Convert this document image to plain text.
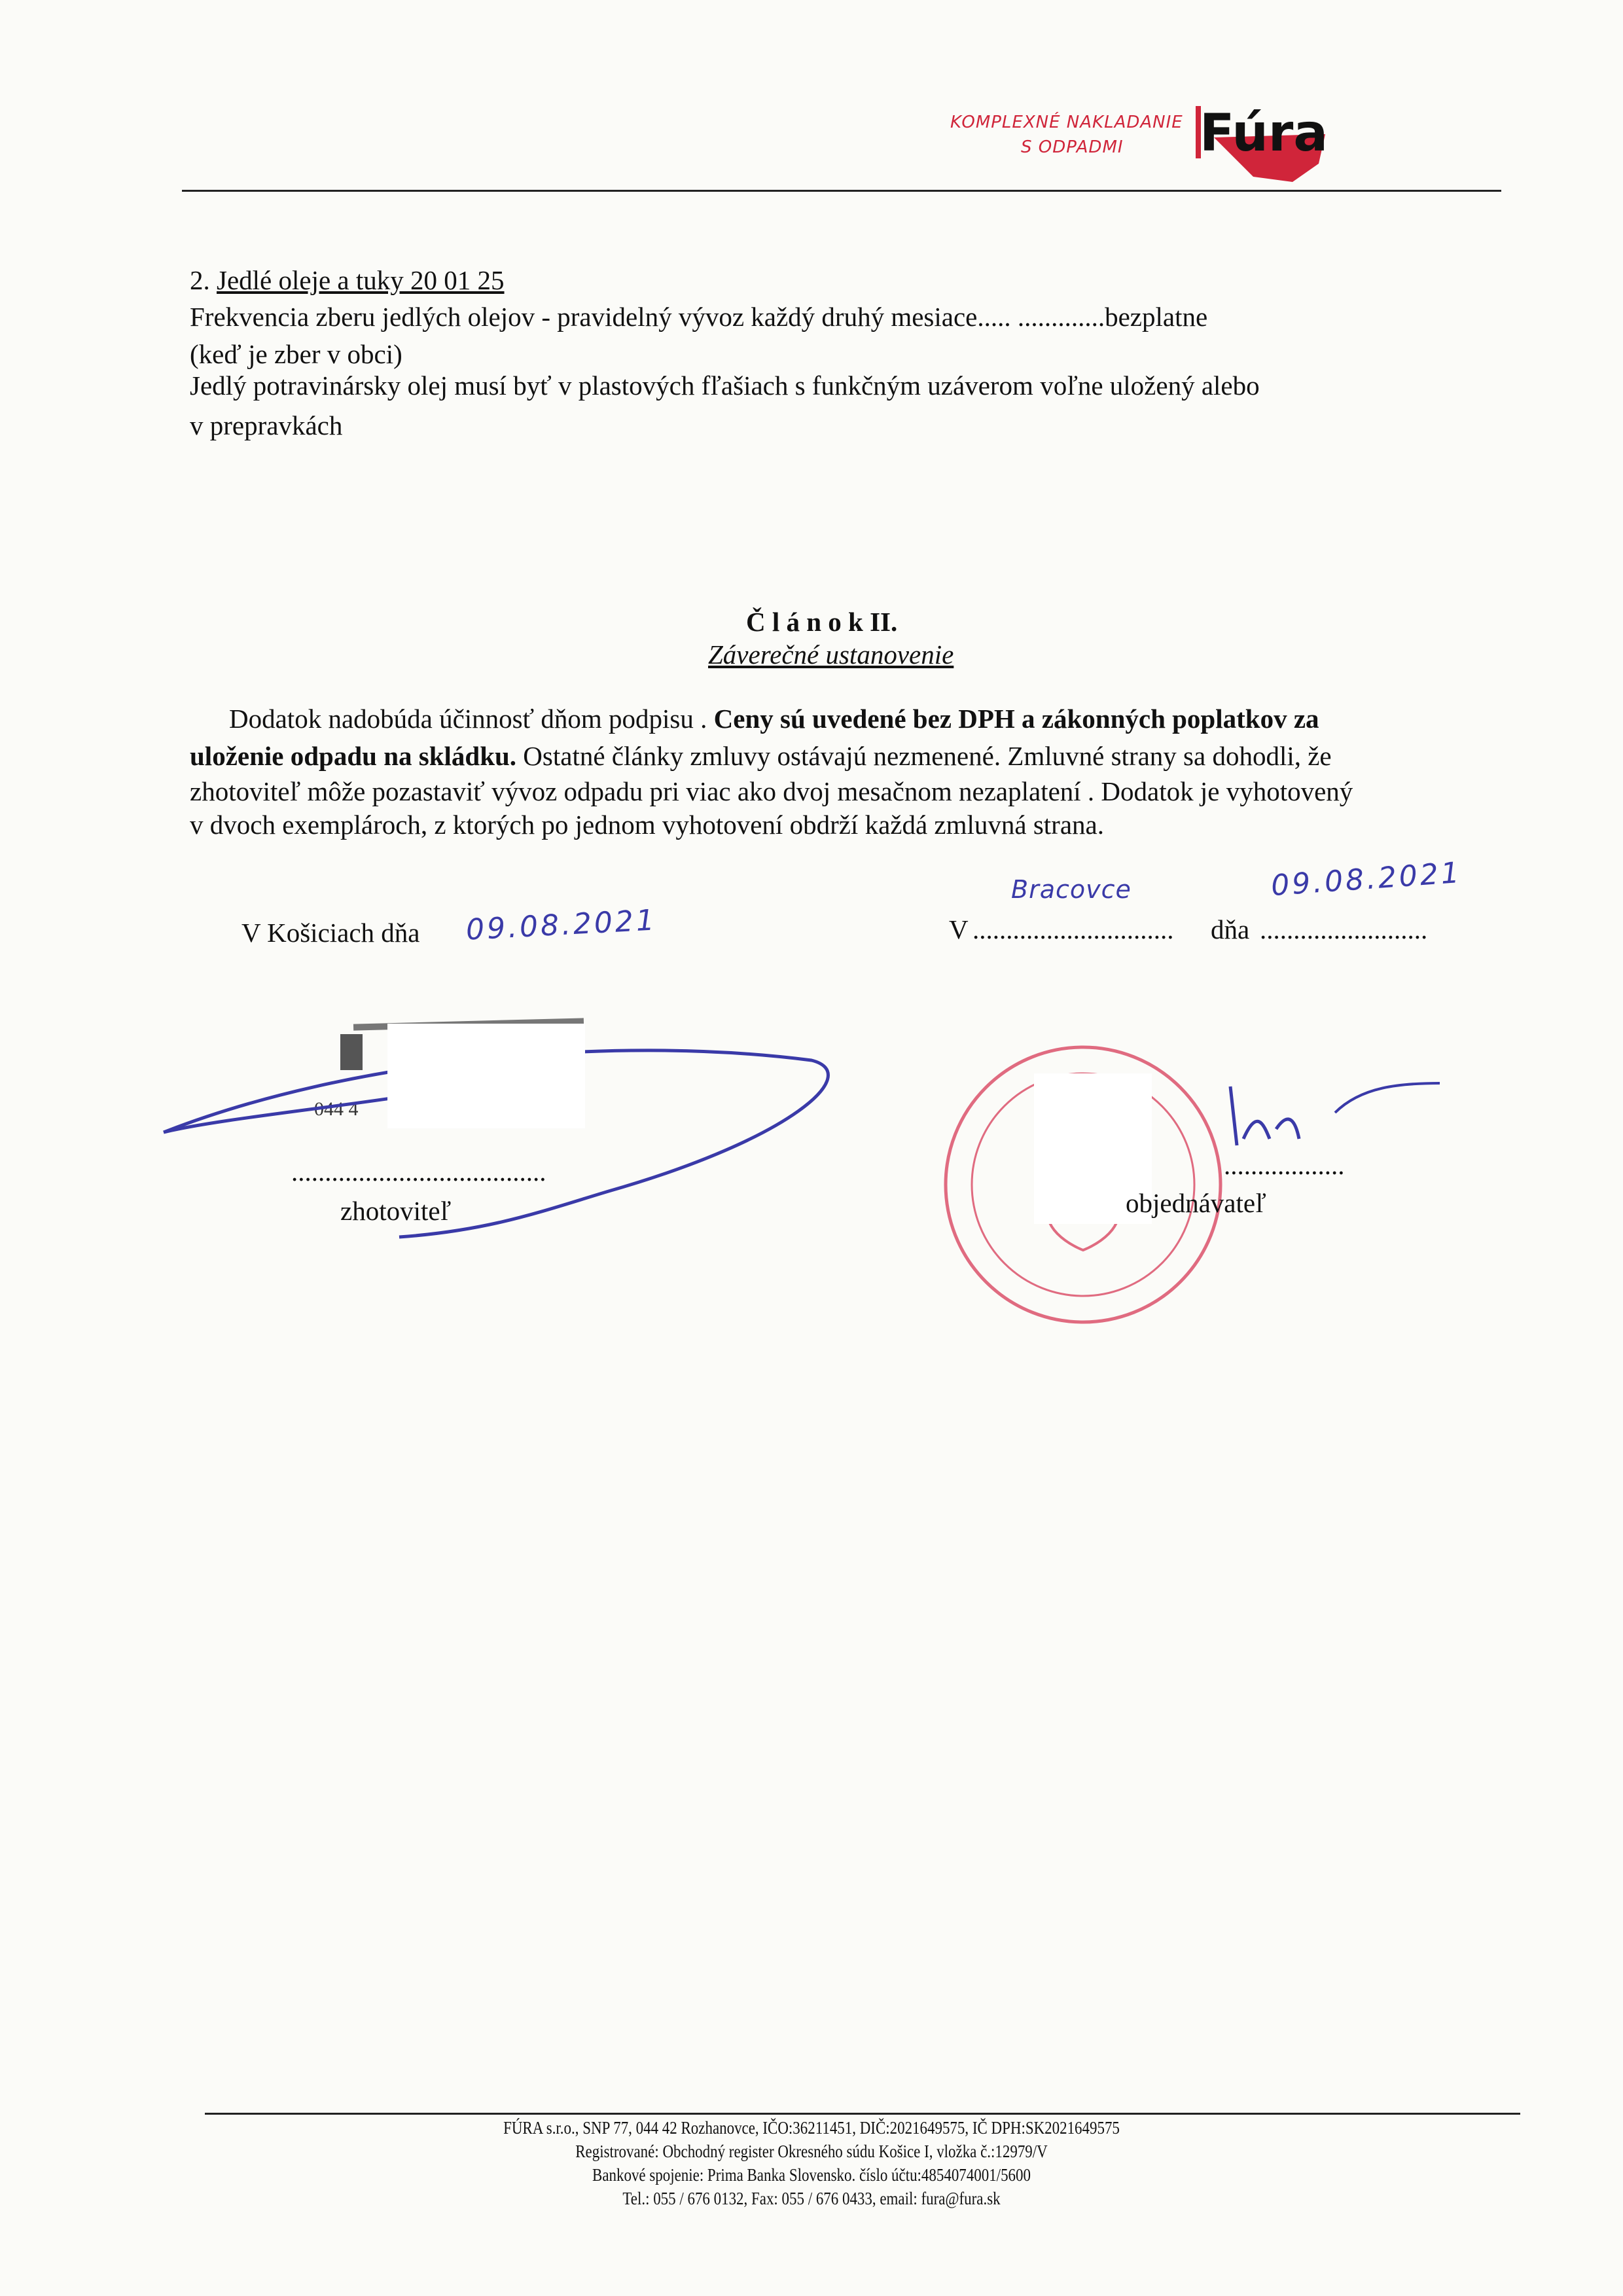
KOMPLEXNÉ NAKLADANIE
S ODPADMI Fúra
2. Jedlé oleje a tuky 20 01 25
Frekvencia zberu jedlých olejov - pravidelný vývoz každý druhý mesiace..... .............bezplatne
(keď je zber v obci)
Jedlý potravinársky olej musí byť v plastových fľašiach s funkčným uzáverom voľne uložený alebo
v prepravkách
Č l á n o k II.
Záverečné ustanovenie
Dodatok nadobúda účinnosť dňom podpisu . Ceny sú uvedené bez DPH a zákonných poplatkov za
uloženie odpadu na skládku. Ostatné články zmluvy ostávajú nezmenené. Zmluvné strany sa dohodli, že
zhotoviteľ môže pozastaviť vývoz odpadu pri viac ako dvoj mesačnom nezaplatení . Dodatok je vyhotovený
v dvoch exemplároch, z ktorých po jednom vyhotovení obdrží každá zmluvná strana.
V Košiciach dňa 09.08.2021	V ..............................
Bracovce
dňa .........................
09.08.2021
044 4
......................................
zhotoviteľ
..................
objednávateľ
FÚRA s.r.o., SNP 77, 044 42 Rozhanovce, IČO:36211451, DIČ:2021649575, IČ DPH:SK2021649575
Registrované: Obchodný register Okresného súdu Košice I, vložka č.:12979/V
Bankové spojenie: Prima Banka Slovensko. číslo účtu:4854074001/5600
Tel.: 055 / 676 0132, Fax: 055 / 676 0433, email: fura@fura.sk
